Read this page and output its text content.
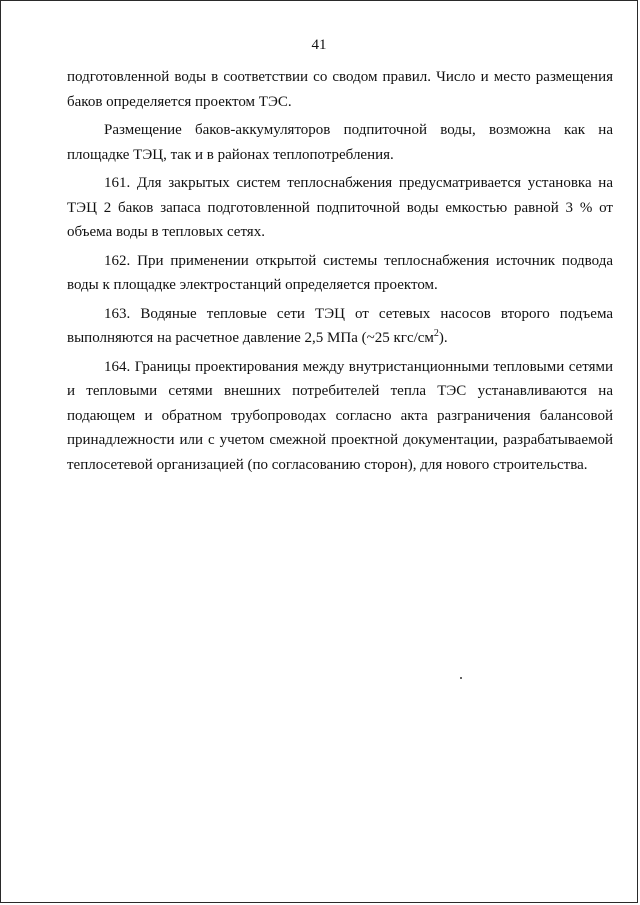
41

подготовленной воды в соответствии со сводом правил. Число и место размещения баков определяется проектом ТЭС.

Размещение баков-аккумуляторов подпиточной воды, возможна как на площадке ТЭЦ, так и в районах теплопотребления.

161. Для закрытых систем теплоснабжения предусматривается установка на ТЭЦ 2 баков запаса подготовленной подпиточной воды емкостью равной 3 % от объема воды в тепловых сетях.

162. При применении открытой системы теплоснабжения источник подвода воды к площадке электростанций определяется проектом.

163. Водяные тепловые сети ТЭЦ от сетевых насосов второго подъема выполняются на расчетное давление 2,5 МПа (~25 кгс/$см^2$).

164. Границы проектирования между внутристанционными тепловыми сетями и тепловыми сетями внешних потребителей тепла ТЭС устанавливаются на подающем и обратном трубопроводах согласно акта разграничения балансовой принадлежности или с учетом смежной проектной документации, разрабатываемой теплосетевой организацией (по согласованию сторон), для нового строительства.
